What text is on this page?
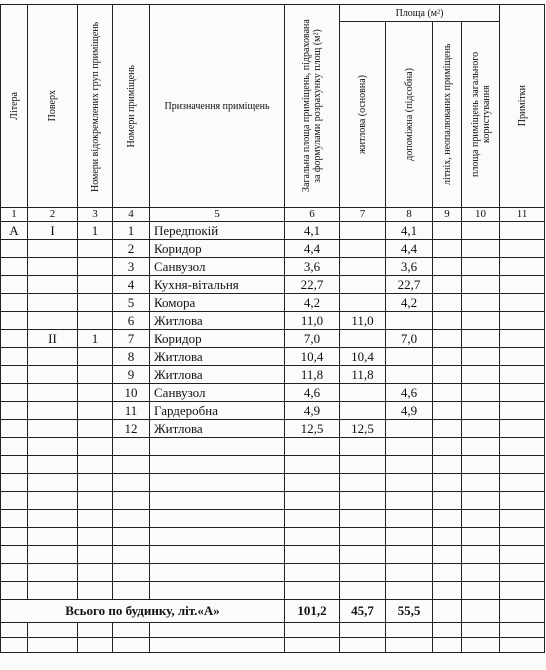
Літера	Поверх	Номери відокремлених груп приміщень	Номери приміщень	Призначення приміщень	Загальна площа приміщень, підрахована за формулами розрахунку площ (м²)	Площа (м²)				Примітки

						житлова (основна)	допоміжна (підсобна)	літніх, неопалюваних приміщень	площа приміщень загального користування	

1	2	3	4	5	6	7	8	9	10	11
А	І	1	1	Передпокій	4,1		4,1			
			2	Коридор	4,4		4,4			
			3	Санвузол	3,6		3,6			
			4	Кухня-вітальня	22,7		22,7			
			5	Комора	4,2		4,2			
			6	Житлова	11,0	11,0				
	ІІ	1	7	Коридор	7,0		7,0			
			8	Житлова	10,4	10,4				
			9	Житлова	11,8	11,8				
			10	Санвузол	4,6		4,6			
			11	Гардеробна	4,9		4,9			
			12	Житлова	12,5	12,5				

Всього по будинку, літ.«А»					101,2	45,7	55,5			
